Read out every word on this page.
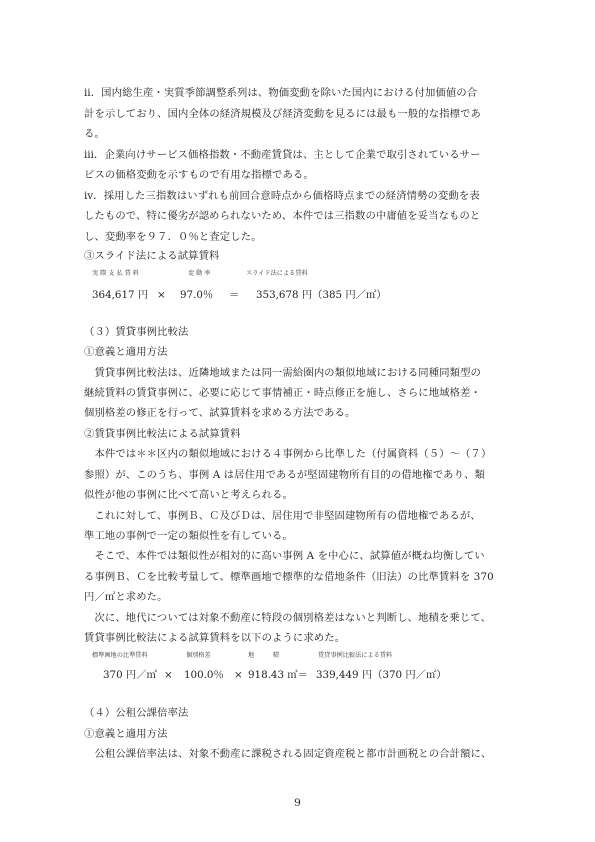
ⅱ．国内総生産・実質季節調整系列は、物価変動を除いた国内における付加価値の合
計を示しており、国内全体の経済規模及び経済変動を見るには最も一般的な指標であ
る。
ⅲ．企業向けサービス価格指数・不動産賃貸は、主として企業で取引されているサー
ビスの価格変動を示すもので有用な指標である。
ⅳ．採用した三指数はいずれも前回合意時点から価格時点までの経済情勢の変動を表
したもので、特に優劣が認められないため、本件では三指数の中庸値を妥当なものと
し、変動率を９７．０％と査定した。
③スライド法による試算賃料
実 際 支 払 賃 料	変 動 率	スライド法による賃料
364,617 円 × 97.0％ ＝ 353,678 円（385 円／㎡）
（３）賃貸事例比較法
①意義と適用方法
　賃貸事例比較法は、近隣地域または同一需給圏内の類似地域における同種同類型の
継続賃料の賃貸事例に、必要に応じて事情補正・時点修正を施し、さらに地域格差・
個別格差の修正を行って、試算賃料を求める方法である。
②賃貸事例比較法による試算賃料
　本件では＊＊区内の類似地域における４事例から比準した（付属資料（５）～（７）
参照）が、このうち、事例 A は居住用であるが堅固建物所有目的の借地権であり、類
似性が他の事例に比べて高いと考えられる。
　これに対して、事例Ｂ、Ｃ及びＤは、居住用で非堅固建物所有の借地権であるが、
準工地の事例で一定の類似性を有している。
　そこで、本件では類似性が相対的に高い事例 A を中心に、試算値が概ね均衡してい
る事例Ｂ、Ｃを比較考量して、標準画地で標準的な借地条件（旧法）の比準賃料を 370
円／㎡と求めた。
　次に、地代については対象不動産に特段の個別格差はないと判断し、地積を乗じて、
賃貸事例比較法による試算賃料を以下のように求めた。
標準画地の比準賃料	個別格差	地　　　積	賃貸事例比較法による賃料
370 円／㎡ × 100.0％ × 918.43 ㎡＝ 339,449 円（370 円／㎡）
（４）公租公課倍率法
①意義と適用方法
　公租公課倍率法は、対象不動産に課税される固定資産税と都市計画税との合計額に、
9
